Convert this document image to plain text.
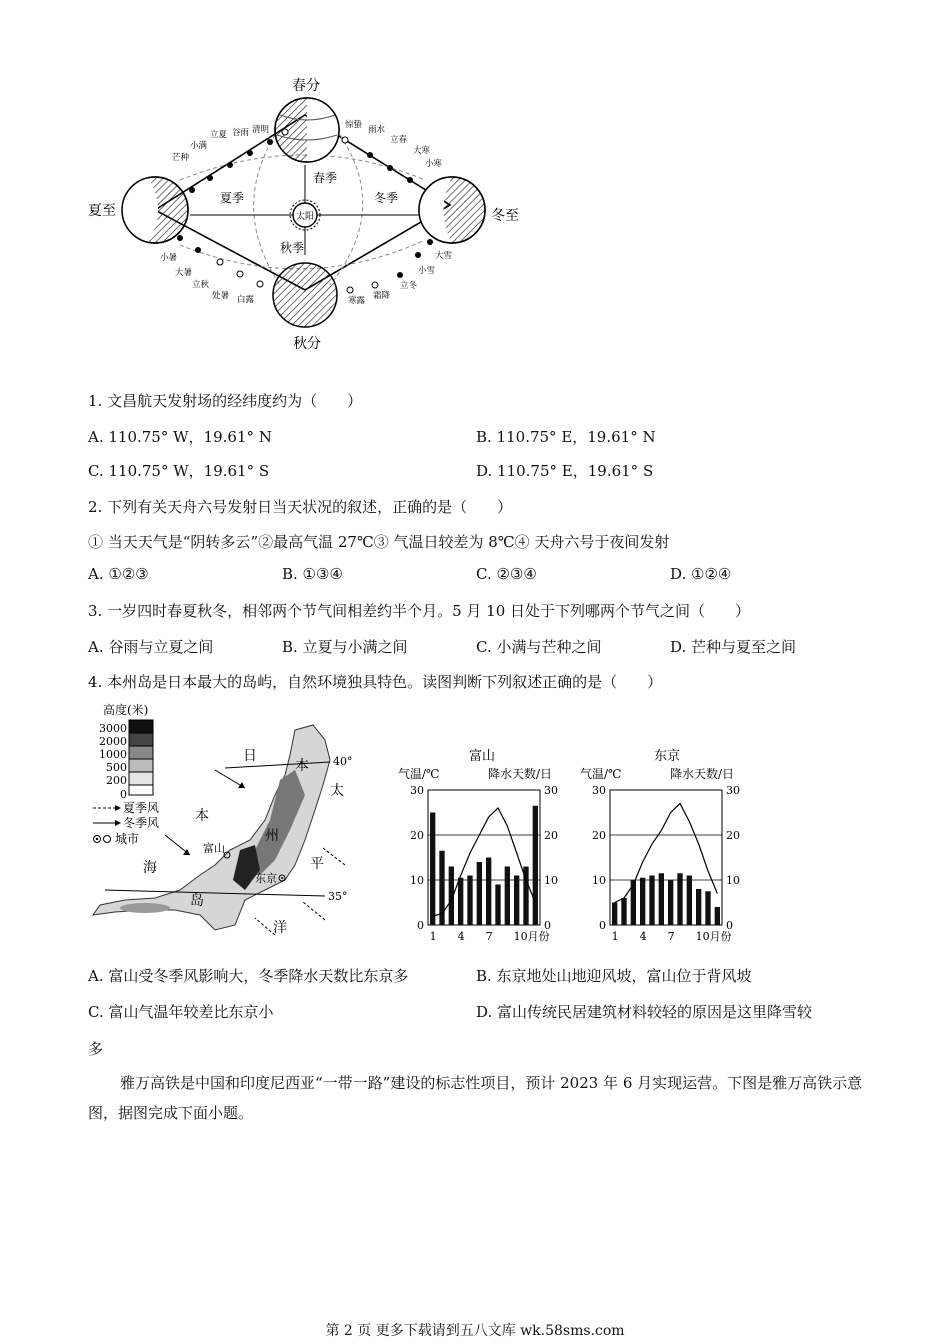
太阳
春分
夏至
秋分
冬至
春季
夏季
秋季
冬季
谷雨 清明	惊蛰 雨水
立春
大寒
小寒
立夏
小满
芒种
小暑
大暑
立秋
处暑 白露	寒露 霜降
立冬
小雪
大雪
1. 文昌航天发射场的经纬度约为（　　）
A. 110.75° W，19.61° N	B. 110.75° E，19.61° N
C. 110.75° W，19.61° S	D. 110.75° E，19.61° S
2. 下列有关天舟六号发射日当天状况的叙述，正确的是（　　）
① 当天天气是“阴转多云”②最高气温 27℃③ 气温日较差为 8℃④ 天舟六号于夜间发射
A. ①②③	B. ①③④	C. ②③④	D. ①②④
3. 一岁四时春夏秋冬，相邻两个节气间相差约半个月。5 月 10 日处于下列哪两个节气之间（　　）
A. 谷雨与立夏之间	B. 立夏与小满之间	C. 小满与芒种之间	D. 芒种与夏至之间
4. 本州岛是日本最大的岛屿，自然环境独具特色。读图判断下列叙述正确的是（　　）
高度(米)
3000
2000
1000
500
200
0
夏季风
冬季风
城市
日
本
海
本
州
岛
太
平
洋
富山
东京
40°
35°
富山
气温/℃	降水天数/日
东京
气温/℃	降水天数/日
0	0
10	10
20	20
30	30
1 4 7 10月份
0	0
10	10
20	20
30	30
1 4 7 10月份
A. 富山受冬季风影响大，冬季降水天数比东京多	B. 东京地处山地迎风坡，富山位于背风坡
C. 富山气温年较差比东京小	D. 富山传统民居建筑材料较轻的原因是这里降雪较
多
雅万高铁是中国和印度尼西亚“一带一路”建设的标志性项目，预计 2023 年 6 月实现运营。下图是雅万高铁示意图，据图完成下面小题。
第 2 页 更多下载请到五八文库 wk.58sms.com
